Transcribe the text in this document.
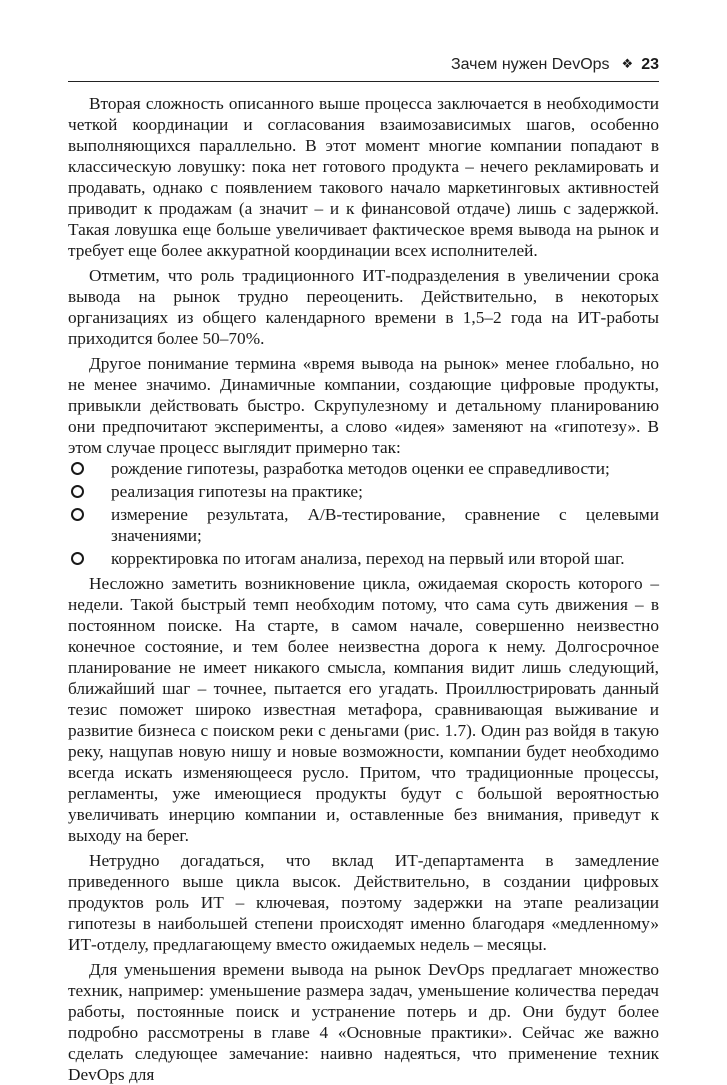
Зачем нужен DevOps ❖ 23

Вторая сложность описанного выше процесса заключается в необходимости четкой координации и согласования взаимозависимых шагов, особенно выполняющихся параллельно. В этот момент многие компании попадают в классическую ловушку: пока нет готового продукта – нечего рекламировать и продавать, однако с появлением такового начало маркетинговых активностей приводит к продажам (а значит – и к финансовой отдаче) лишь с задержкой. Такая ловушка еще больше увеличивает фактическое время вывода на рынок и требует еще более аккуратной координации всех исполнителей.

Отметим, что роль традиционного ИТ-подразделения в увеличении срока вывода на рынок трудно переоценить. Действительно, в некоторых организациях из общего календарного времени в 1,5–2 года на ИТ-работы приходится более 50–70%.

Другое понимание термина «время вывода на рынок» менее глобально, но не менее значимо. Динамичные компании, создающие цифровые продукты, привыкли действовать быстро. Скрупулезному и детальному планированию они предпочитают эксперименты, а слово «идея» заменяют на «гипотезу». В этом случае процесс выглядит примерно так:

рождение гипотезы, разработка методов оценки ее справедливости;
реализация гипотезы на практике;
измерение результата, A/B-тестирование, сравнение с целевыми значениями;
корректировка по итогам анализа, переход на первый или второй шаг.

Несложно заметить возникновение цикла, ожидаемая скорость которого – недели. Такой быстрый темп необходим потому, что сама суть движения – в постоянном поиске. На старте, в самом начале, совершенно неизвестно конечное состояние, и тем более неизвестна дорога к нему. Долгосрочное планирование не имеет никакого смысла, компания видит лишь следующий, ближайший шаг – точнее, пытается его угадать. Проиллюстрировать данный тезис поможет широко известная метафора, сравнивающая выживание и развитие бизнеса с поиском реки с деньгами (рис. 1.7). Один раз войдя в такую реку, нащупав новую нишу и новые возможности, компании будет необходимо всегда искать изменяющееся русло. Притом, что традиционные процессы, регламенты, уже имеющиеся продукты будут с большой вероятностью увеличивать инерцию компании и, оставленные без внимания, приведут к выходу на берег.

Нетрудно догадаться, что вклад ИТ-департамента в замедление приведенного выше цикла высок. Действительно, в создании цифровых продуктов роль ИТ – ключевая, поэтому задержки на этапе реализации гипотезы в наибольшей степени происходят именно благодаря «медленному» ИТ-отделу, предлагающему вместо ожидаемых недель – месяцы.

Для уменьшения времени вывода на рынок DevOps предлагает множество техник, например: уменьшение размера задач, уменьшение количества передач работы, постоянные поиск и устранение потерь и др. Они будут более подробно рассмотрены в главе 4 «Основные практики». Сейчас же важно сделать следующее замечание: наивно надеяться, что применение техник DevOps для
